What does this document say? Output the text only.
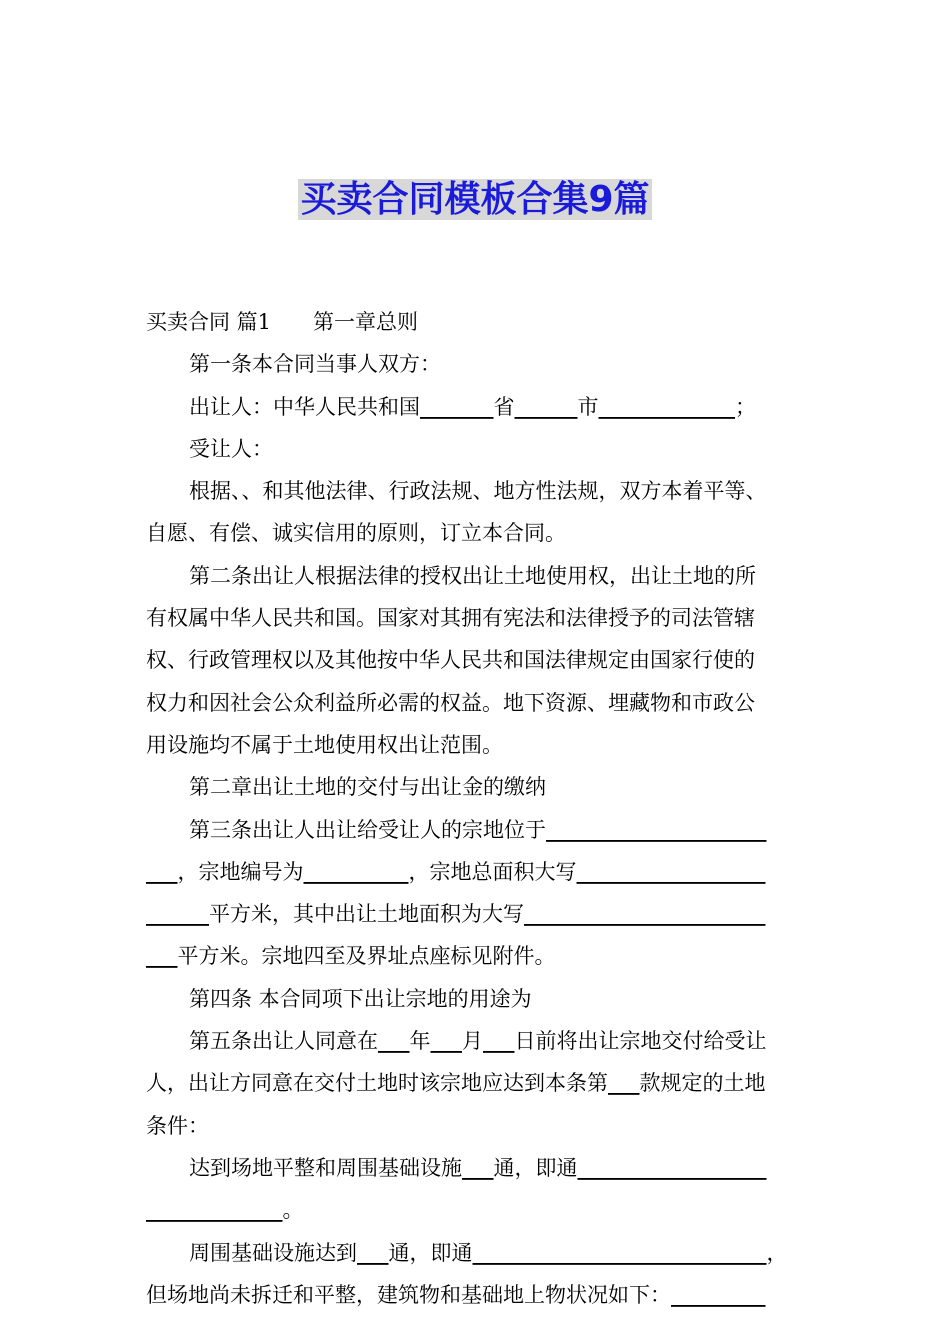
买卖合同模板合集9篇

买卖合同 篇1 第一章总则

第一条本合同当事人双方：

出让人：中华人民共和国_______省______市_____________；

受让人：

根据、、和其他法律、行政法规、地方性法规，双方本着平等、

自愿、有偿、诚实信用的原则，订立本合同。

第二条出让人根据法律的授权出让土地使用权，出让土地的所

有权属中华人民共和国。国家对其拥有宪法和法律授予的司法管辖

权、行政管理权以及其他按中华人民共和国法律规定由国家行使的

权力和因社会公众利益所必需的权益。地下资源、埋藏物和市政公

用设施均不属于土地使用权出让范围。

第二章出让土地的交付与出让金的缴纳

第三条出让人出让给受让人的宗地位于_____________________

___，宗地编号为__________，宗地总面积大写__________________

______平方米，其中出让土地面积为大写_______________________

___平方米。宗地四至及界址点座标见附件。

第四条 本合同项下出让宗地的用途为

第五条出让人同意在___年___月___日前将出让宗地交付给受让

人，出让方同意在交付土地时该宗地应达到本条第___款规定的土地

条件：

达到场地平整和周围基础设施___通，即通__________________

_____________。

周围基础设施达到___通，即通____________________________，

但场地尚未拆迁和平整，建筑物和基础地上物状况如下：_________
